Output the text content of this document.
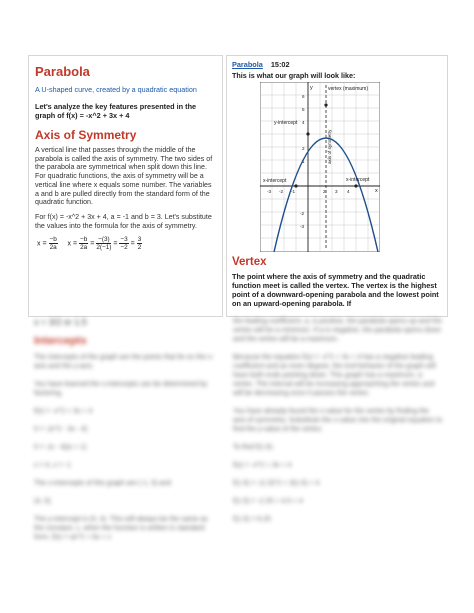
Parabola

A U-shaped curve, created by a quadratic equation

Let's analyze the key features presented in the graph of f(x) = -x^2 + 3x + 4

Axis of Symmetry

A vertical line that passes through the middle of the parabola is called the axis of symmetry. The two sides of the parabola are symmetrical when split down this line. For quadratic functions, the axis of symmetry will be a vertical line where x equals some number. The variables a and b are pulled directly from the standard form of the quadratic function.

For f(x) = -x^2 + 3x + 4, a = -1 and b = 3. Let's substitute the values into the formula for the axis of symmetry.

$x = \frac{-b}{2a}$ $x = \frac{-b}{2a} = \frac{-(3)}{2(-1)} = \frac{-3}{-2} = \frac{3}{2}$

Parabola 15:02

This is what our graph will look like:

vertex (maximum)
y-intercept
x-intercept	x-intercept
axis of symmetry
x
y
-3 -2 -1	2 3 4
6
5
4
2
1
-2
-3

Vertex

The point where the axis of symmetry and the quadratic function meet is called the vertex. The vertex is the highest point of a downward-opening parabola and the lowest point on an upward-opening parabola. If

x = 3/2 or 1.5

Intercepts

The intercepts of the graph are the points that lie on the x-axis and the y-axis.

You have learned the x-intercepts can be determined by factoring.

f(x) = -x^2 + 3x + 4

0 = -(x^2 - 3x - 4)

0 = -(x - 4)(x + 1)

x = 4, x = -1

The x-intercepts of this graph are (-1, 0) and

(4, 0).

The y-intercept is (0, 4). This will always be the same as the constant, c, when the function is written in standard form, f(x) = ax^2 + bx + c

the leading coefficient, a, is positive, the parabola opens up and the vertex will be a minimum. If a is negative, the parabola opens down and the vertex will be a maximum.

Because the equation f(x) = -x^2 + 3x + 4 has a negative leading coefficient and an even degree, the end behavior of the graph will have both ends pointing down. This graph has a maximum, a vertex. The interval will be increasing approaching the vertex and will be decreasing once it passes the vertex.

You have already found the x-value for the vertex by finding the axis of symmetry. Substitute the x-value into the original equation to find the y-value of the vertex.

To find f(1.5):

f(x) = -x^2 + 3x + 4

f(1.5) = -(1.5)^2 + 3(1.5) + 4

f(1.5) = -2.25 + 4.5 + 4

f(1.5) = 6.25
